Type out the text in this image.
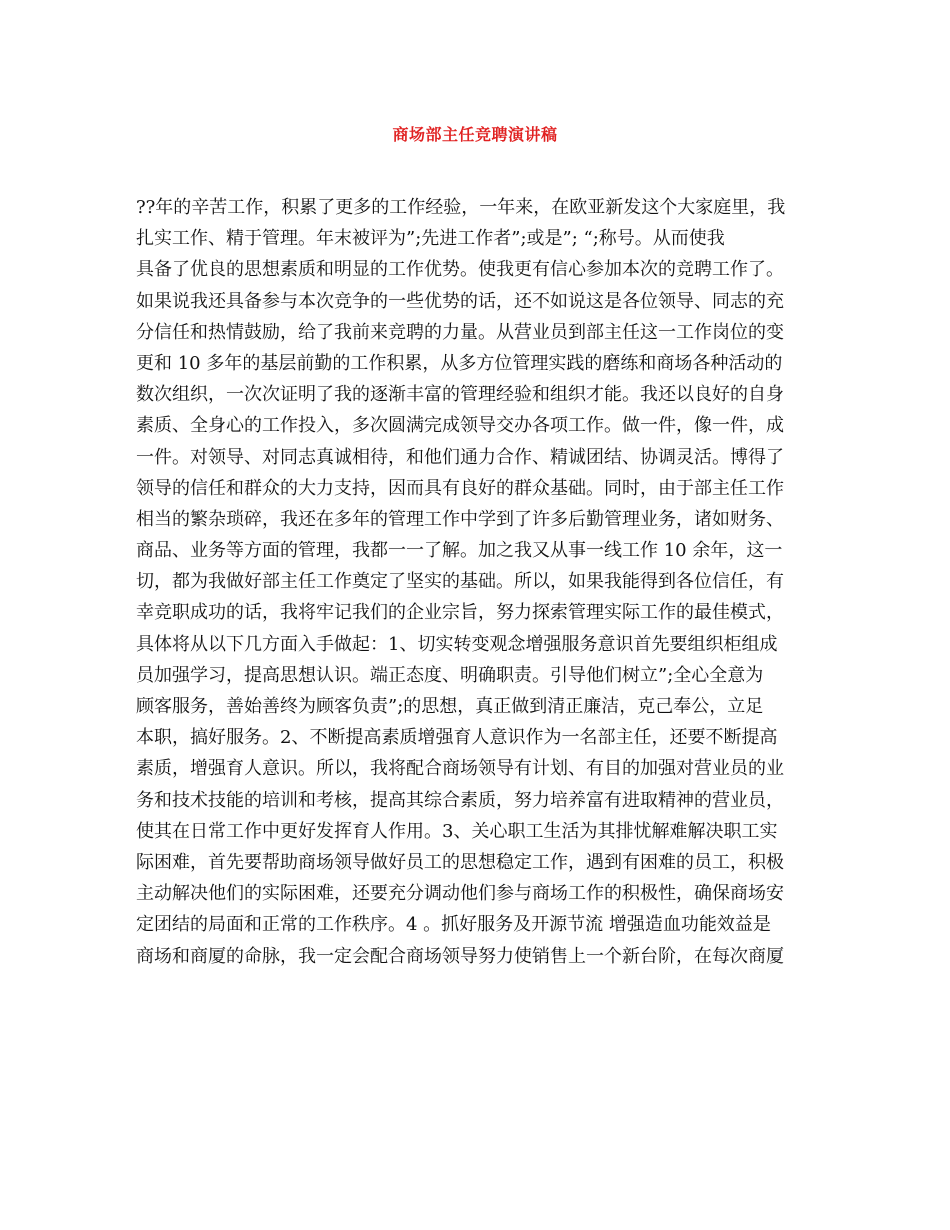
商场部主任竞聘演讲稿
??年的辛苦工作，积累了更多的工作经验，一年来，在欧亚新发这个大家庭里，我
扎实工作、精于管理。年末被评为”;先进工作者”;或是”; “;称号。从而使我
具备了优良的思想素质和明显的工作优势。使我更有信心参加本次的竞聘工作了。
如果说我还具备参与本次竞争的一些优势的话，还不如说这是各位领导、同志的充
分信任和热情鼓励，给了我前来竞聘的力量。从营业员到部主任这一工作岗位的变
更和 10 多年的基层前勤的工作积累，从多方位管理实践的磨练和商场各种活动的
数次组织，一次次证明了我的逐渐丰富的管理经验和组织才能。我还以良好的自身
素质、全身心的工作投入，多次圆满完成领导交办各项工作。做一件，像一件，成
一件。对领导、对同志真诚相待，和他们通力合作、精诚团结、协调灵活。博得了
领导的信任和群众的大力支持，因而具有良好的群众基础。同时，由于部主任工作
相当的繁杂琐碎，我还在多年的管理工作中学到了许多后勤管理业务，诸如财务、
商品、业务等方面的管理，我都一一了解。加之我又从事一线工作 10 余年，这一
切，都为我做好部主任工作奠定了坚实的基础。所以，如果我能得到各位信任，有
幸竞职成功的话，我将牢记我们的企业宗旨，努力探索管理实际工作的最佳模式，
具体将从以下几方面入手做起：1、切实转变观念增强服务意识首先要组织柜组成
员加强学习，提高思想认识。端正态度、明确职责。引导他们树立”;全心全意为
顾客服务，善始善终为顾客负责”;的思想，真正做到清正廉洁，克己奉公，立足
本职，搞好服务。2、不断提高素质增强育人意识作为一名部主任，还要不断提高
素质，增强育人意识。所以，我将配合商场领导有计划、有目的加强对营业员的业
务和技术技能的培训和考核，提高其综合素质，努力培养富有进取精神的营业员，
使其在日常工作中更好发挥育人作用。3、关心职工生活为其排忧解难解决职工实
际困难，首先要帮助商场领导做好员工的思想稳定工作，遇到有困难的员工，积极
主动解决他们的实际困难，还要充分调动他们参与商场工作的积极性，确保商场安
定团结的局面和正常的工作秩序。4 。抓好服务及开源节流 增强造血功能效益是
商场和商厦的命脉，我一定会配合商场领导努力使销售上一个新台阶，在每次商厦
